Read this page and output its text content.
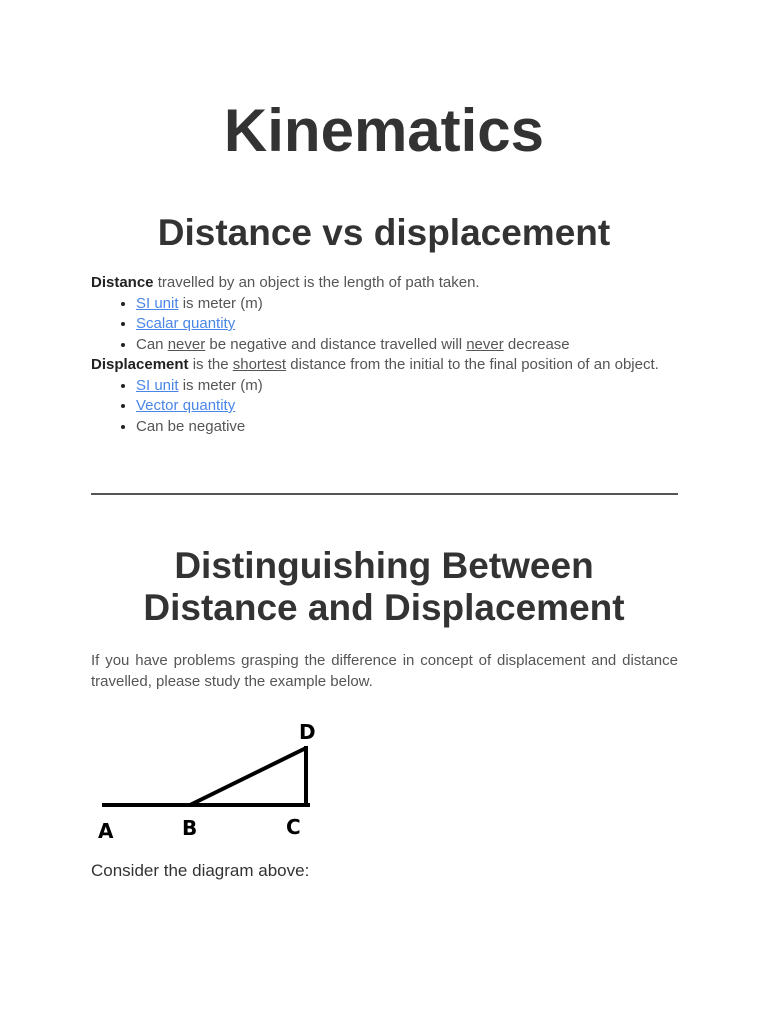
Kinematics
Distance vs displacement

Distance travelled by an object is the length of path taken.

• SI unit is meter (m)
• Scalar quantity
• Can never be negative and distance travelled will never decrease

Displacement is the shortest distance from the initial to the final position of an object.

• SI unit is meter (m)
• Vector quantity
• Can be negative
Distinguishing Between
Distance and Displacement

If you have problems grasping the difference in concept of displacement and distance travelled, please study the example below.

A	B	C
D
Consider the diagram above:
